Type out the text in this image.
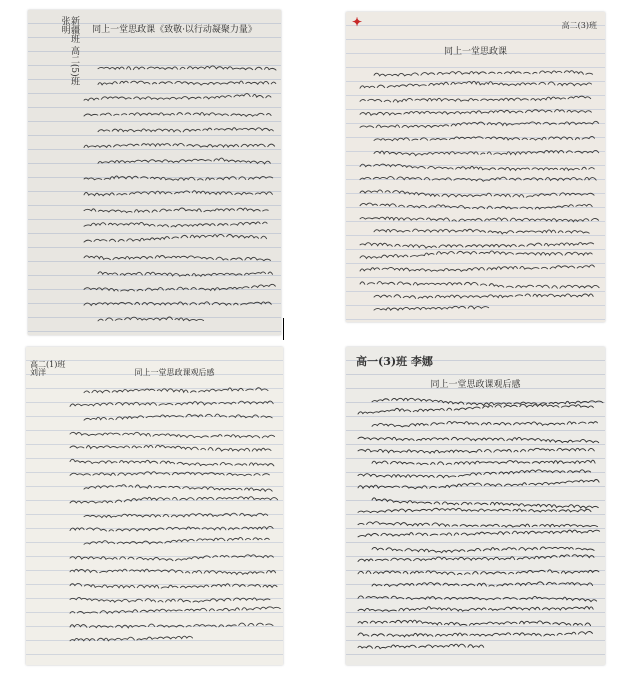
同上一堂思政课《致敬·以行动凝聚力量》
新疆班 高二(5)班 张明	✦	高二(3)班
同上一堂思政课
同上一堂思政课观后感
高二(1)班 刘洋
高一(3)班 李娜
同上一堂思政课观后感
